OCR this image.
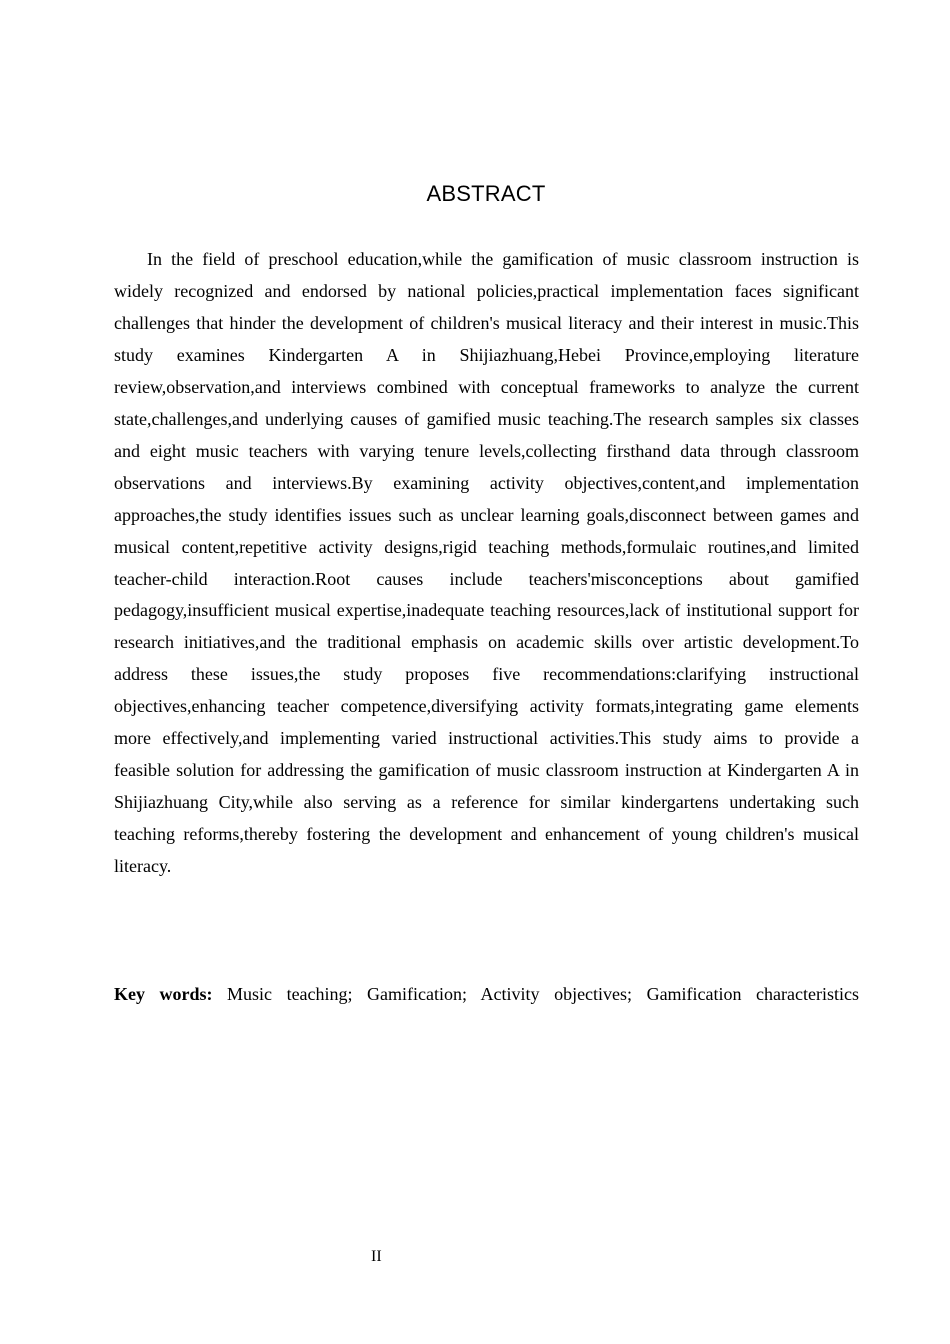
ABSTRACT

In the field of preschool education,while the gamification of music classroom instruction is widely recognized and endorsed by national policies,practical implementation faces significant challenges that hinder the development of children's musical literacy and their interest in music.This study examines Kindergarten A in Shijiazhuang,Hebei Province,employing literature review,observation,and interviews combined with conceptual frameworks to analyze the current state,challenges,and underlying causes of gamified music teaching.The research samples six classes and eight music teachers with varying tenure levels,collecting firsthand data through classroom observations and interviews.By examining activity objectives,content,and implementation approaches,the study identifies issues such as unclear learning goals,disconnect between games and musical content,repetitive activity designs,rigid teaching methods,formulaic routines,and limited teacher-child interaction.Root causes include teachers'misconceptions about gamified pedagogy,insufficient musical expertise,inadequate teaching resources,lack of institutional support for research initiatives,and the traditional emphasis on academic skills over artistic development.To address these issues,the study proposes five recommendations:clarifying instructional objectives,enhancing teacher competence,diversifying activity formats,integrating game elements more effectively,and implementing varied instructional activities.This study aims to provide a feasible solution for addressing the gamification of music classroom instruction at Kindergarten A in Shijiazhuang City,while also serving as a reference for similar kindergartens undertaking such teaching reforms,thereby fostering the development and enhancement of young children's musical literacy.

Key words: Music teaching; Gamification; Activity objectives; Gamification characteristics

II
